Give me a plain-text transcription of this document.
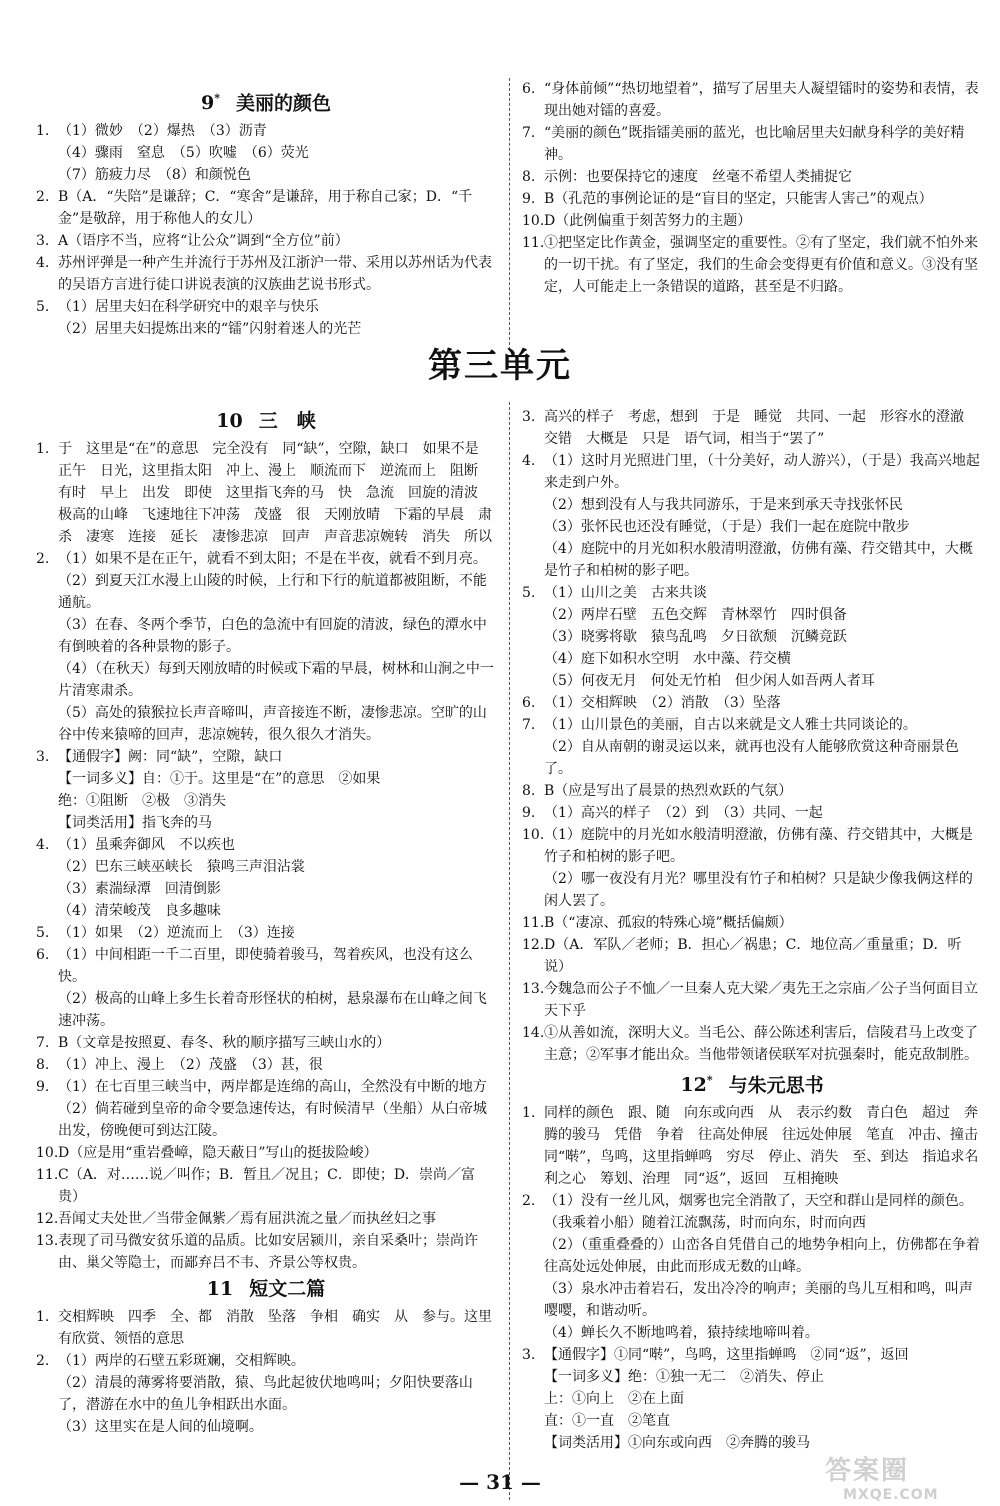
9* 美丽的颜色
1. （1）微妙　（2）爆热　（3）沥青
（4）骤雨　窒息　（5）吹嘘　（6）荧光
（7）筋疲力尽　（8）和颜悦色
2. B（A．“失陪”是谦辞；C．“寒舍”是谦辞，用于称自己家；D．“千金”是敬辞，用于称他人的女儿）
3. A（语序不当，应将“让公众”调到“全方位”前）
4. 苏州评弹是一种产生并流行于苏州及江浙沪一带、采用以苏州话为代表的吴语方言进行徒口讲说表演的汉族曲艺说书形式。
5. （1）居里夫妇在科学研究中的艰辛与快乐
（2）居里夫妇提炼出来的“镭”闪射着迷人的光芒
6. “身体前倾”“热切地望着”，描写了居里夫人凝望镭时的姿势和表情，表现出她对镭的喜爱。
7. “美丽的颜色”既指镭美丽的蓝光，也比喻居里夫妇献身科学的美好精神。
8. 示例：也要保持它的速度　丝毫不希望人类捕捉它
9. B（孔范的事例论证的是“盲目的坚定，只能害人害己”的观点）
10.D（此例偏重于刻苦努力的主题）
11.①把坚定比作黄金，强调坚定的重要性。②有了坚定，我们就不怕外来的一切干扰。有了坚定，我们的生命会变得更有价值和意义。③没有坚定，人可能走上一条错误的道路，甚至是不归路。
第三单元
10 三　峡
1. 于　这里是“在”的意思　完全没有　同“缺”，空隙，缺口　如果不是　正午　日光，这里指太阳　冲上、漫上　顺流而下　逆流而上　阻断　有时　早上　出发　即使　这里指飞奔的马　快　急流　回旋的清波　极高的山峰　飞速地往下冲荡　茂盛　很　天刚放晴　下霜的早晨　肃杀　凄寒　连接　延长　凄惨悲凉　回声　声音悲凉婉转　消失　所以
2. （1）如果不是在正午，就看不到太阳；不是在半夜，就看不到月亮。
（2）到夏天江水漫上山陵的时候，上行和下行的航道都被阻断，不能通航。
（3）在春、冬两个季节，白色的急流中有回旋的清波，绿色的潭水中有倒映着的各种景物的影子。
（4）（在秋天）每到天刚放晴的时候或下霜的早晨，树林和山涧之中一片清寒肃杀。
（5）高处的猿猴拉长声音啼叫，声音接连不断，凄惨悲凉。空旷的山谷中传来猿啼的回声，悲凉婉转，很久很久才消失。
3. 【通假字】阙：同“缺”，空隙，缺口
【一词多义】自：①于。这里是“在”的意思　②如果
绝：①阻断　②极　③消失
【词类活用】指飞奔的马
4. （1）虽乘奔御风　不以疾也
（2）巴东三峡巫峡长　猿鸣三声泪沾裳
（3）素湍绿潭　回清倒影
（4）清荣峻茂　良多趣味
5. （1）如果　（2）逆流而上　（3）连接
6. （1）中间相距一千二百里，即使骑着骏马，驾着疾风，也没有这么快。
（2）极高的山峰上多生长着奇形怪状的柏树，悬泉瀑布在山峰之间飞速冲荡。
7. B（文章是按照夏、春冬、秋的顺序描写三峡山水的）
8. （1）冲上、漫上　（2）茂盛　（3）甚，很
9. （1）在七百里三峡当中，两岸都是连绵的高山，全然没有中断的地方
（2）倘若碰到皇帝的命令要急速传达，有时候清早（坐船）从白帝城出发，傍晚便可到达江陵。
10.D（应是用“重岩叠嶂，隐天蔽日”写山的挺拔险峻）
11.C（A．对……说／叫作；B．暂且／况且；C．即使；D．崇尚／富贵）
12.吾闻丈夫处世／当带金佩紫／焉有屈洪流之量／而执丝妇之事
13.表现了司马微安贫乐道的品质。比如安居颍川，亲自采桑叶；崇尚许由、巢父等隐士，而鄙弃吕不韦、齐景公等权贵。
11 短文二篇
1. 交相辉映　四季　全、都　消散　坠落　争相　确实　从　参与。这里有欣赏、领悟的意思
2. （1）两岸的石壁五彩斑斓，交相辉映。
（2）清晨的薄雾将要消散，猿、鸟此起彼伏地鸣叫；夕阳快要落山了，潜游在水中的鱼儿争相跃出水面。
（3）这里实在是人间的仙境啊。
3. 高兴的样子　考虑，想到　于是　睡觉　共同、一起　形容水的澄澈　交错　大概是　只是　语气词，相当于“罢了”
4. （1）这时月光照进门里，（十分美好，动人游兴），（于是）我高兴地起来走到户外。
（2）想到没有人与我共同游乐，于是来到承天寺找张怀民
（3）张怀民也还没有睡觉，（于是）我们一起在庭院中散步
（4）庭院中的月光如积水般清明澄澈，仿佛有藻、荇交错其中，大概是竹子和柏树的影子吧。
5. （1）山川之美　古来共谈
（2）两岸石壁　五色交辉　青林翠竹　四时俱备
（3）晓雾将歇　猿鸟乱鸣　夕日欲颓　沉鳞竞跃
（4）庭下如积水空明　水中藻、荇交横
（5）何夜无月　何处无竹柏　但少闲人如吾两人者耳
6. （1）交相辉映　（2）消散　（3）坠落
7. （1）山川景色的美丽，自古以来就是文人雅士共同谈论的。
（2）自从南朝的谢灵运以来，就再也没有人能够欣赏这种奇丽景色了。
8. B（应是写出了晨景的热烈欢跃的气氛）
9. （1）高兴的样子　（2）到　（3）共同、一起
10.（1）庭院中的月光如水般清明澄澈，仿佛有藻、荇交错其中，大概是竹子和柏树的影子吧。
（2）哪一夜没有月光？哪里没有竹子和柏树？只是缺少像我俩这样的闲人罢了。
11.B（“凄凉、孤寂的特殊心境”概括偏颇）
12.D（A．军队／老师；B．担心／祸患；C．地位高／重量重；D．听说）
13.今魏急而公子不恤／一旦秦人克大梁／夷先王之宗庙／公子当何面目立天下乎
14.①从善如流，深明大义。当毛公、薛公陈述利害后，信陵君马上改变了主意；②军事才能出众。当他带领诸侯联军对抗强秦时，能克敌制胜。
12* 与朱元思书
1. 同样的颜色　跟、随　向东或向西　从　表示约数　青白色　超过　奔腾的骏马　凭借　争着　往高处伸展　往远处伸展　笔直　冲击、撞击　同“啭”，鸟鸣，这里指蝉鸣　穷尽　停止、消失　至、到达　指追求名利之心　筹划、治理　同“返”，返回　互相掩映
2. （1）没有一丝儿风，烟雾也完全消散了，天空和群山是同样的颜色。（我乘着小船）随着江流飘荡，时而向东，时而向西
（2）（重重叠叠的）山峦各自凭借自己的地势争相向上，仿佛都在争着往高处远处伸展，由此而形成无数的山峰。
（3）泉水冲击着岩石，发出冷冷的响声；美丽的鸟儿互相和鸣，叫声嘤嘤，和谐动听。
（4）蝉长久不断地鸣着，猿持续地啼叫着。
3. 【通假字】①同“啭”，鸟鸣，这里指蝉鸣　②同“返”，返回
【一词多义】绝：①独一无二　②消失、停止
上：①向上　②在上面
直：①一直　②笔直
【词类活用】①向东或向西　②奔腾的骏马
— 31 —	答案圈
MXQE.COM
